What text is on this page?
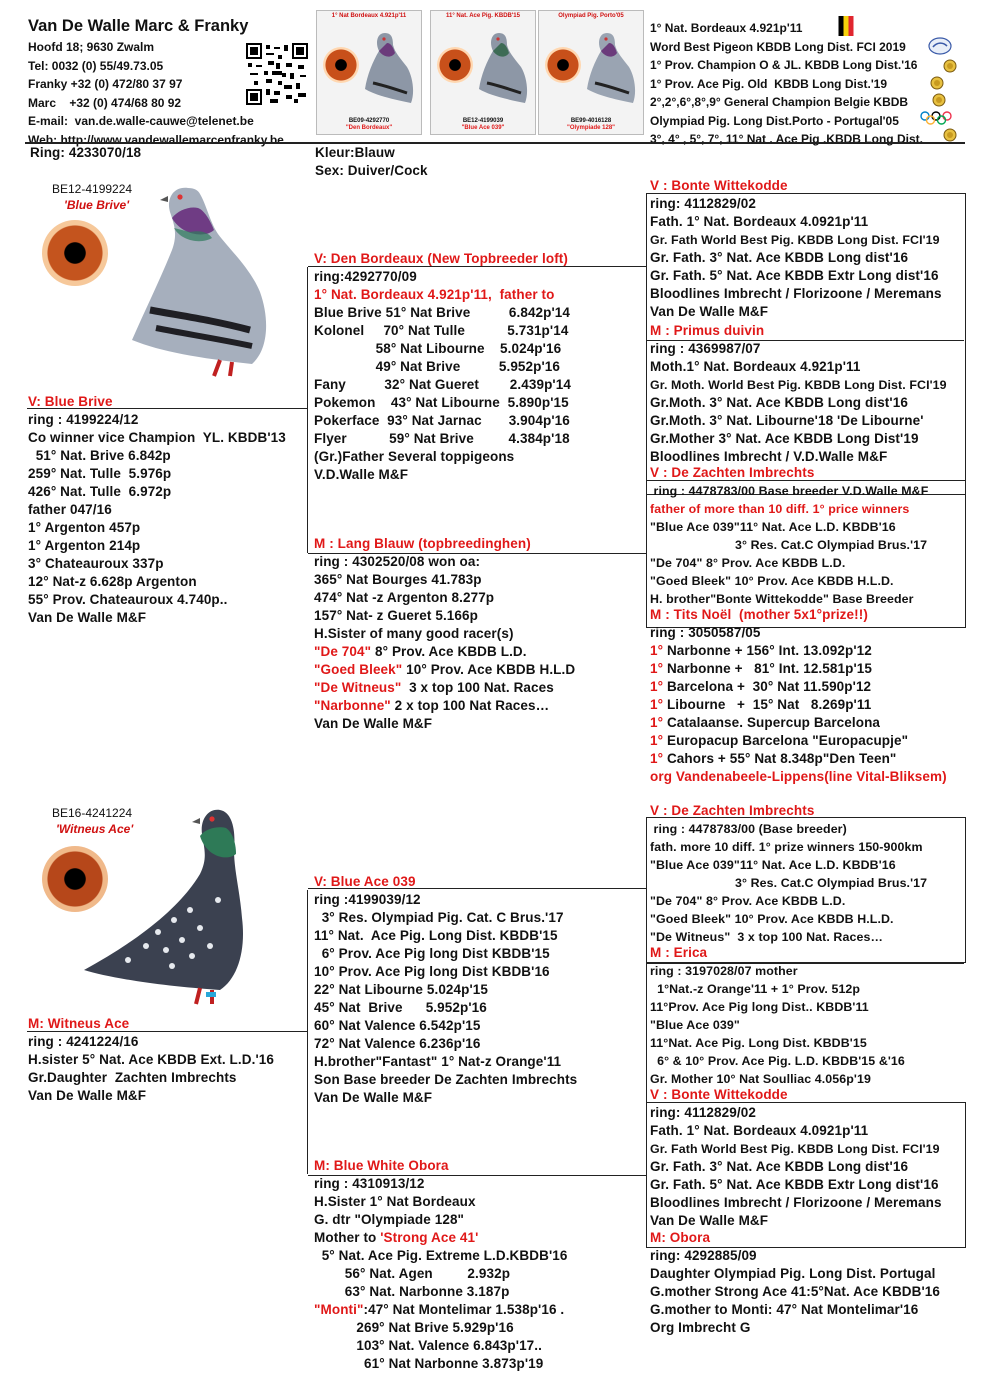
Van De Walle Marc & Franky
Hoofd 18; 9630 Zwalm
Tel: 0032 (0) 55/49.73.05
Franky +32 (0) 472/80 37 97
Marc    +32 (0) 474/68 80 92
E-mail:  van.de.walle-cauwe@telenet.be
Web: http://www.vandewallemarcenfranky.be
1° Nat Bordeaux 4.921p'11
BE09-4292770
"Den Bordeaux"
11° Nat. Ace Pig. KBDB'15
BE12-4199039
"Blue Ace 039"
Olympiad Pig. Porto'05
BE99-4016128
"Olympiade 128"
1° Nat. Bordeaux 4.921p'11
Word Best Pigeon KBDB Long Dist. FCI 2019
1° Prov. Champion O & JL. KBDB Long Dist.'16
1° Prov. Ace Pig. Old  KBDB Long Dist.'19
2°,2°,6°,8°,9° General Champion Belgie KBDB
Olympiad Pig. Long Dist.Porto - Portugal'05
3°, 4° , 5°, 7°, 11° Nat . Ace Pig .KBDB Long Dist.
Ring: 4233070/18	Kleur:Blauw
Sex: Duiver/Cock
BE12-4199224
'Blue Brive'
BE16-4241224
'Witneus Ace'
V: Blue Brive
ring : 4199224/12
Co winner vice Champion  YL. KBDB'13
51° Nat. Brive 6.842p
259° Nat. Tulle  5.976p
426° Nat. Tulle  6.972p
father 047/16
1° Argenton 457p
1° Argenton 214p
3° Chateauroux 337p
12° Nat-z 6.628p Argenton
55° Prov. Chateauroux 4.740p..
Van De Walle M&F
M: Witneus Ace
ring : 4241224/16
H.sister 5° Nat. Ace KBDB Ext. L.D.'16
Gr.Daughter  Zachten Imbrechts
Van De Walle M&F
V: Den Bordeaux (New Topbreeder loft)
ring:4292770/09
1° Nat. Bordeaux 4.921p'11,  father to
Blue Brive 51° Nat Brive          6.842p'14
Kolonel     70° Nat Tulle           5.731p'14
58° Nat Libourne    5.024p'16
49° Nat Brive          5.952p'16
Fany          32° Nat Gueret        2.439p'14
Pokemon    43° Nat Libourne  5.890p'15
Pokerface  93° Nat Jarnac       3.904p'16
Flyer           59° Nat Brive         4.384p'18
(Gr.)Father Several toppigeons
V.D.Walle M&F
M : Lang Blauw (topbreedinghen)
ring : 4302520/08 won oa:
365° Nat Bourges 41.783p
474° Nat -z Argenton 8.277p
157° Nat- z Gueret 5.166p
H.Sister of many good racer(s)
"De 704" 8° Prov. Ace KBDB L.D.
"Goed Bleek" 10° Prov. Ace KBDB H.L.D
"De Witneus"  3 x top 100 Nat. Races
"Narbonne" 2 x top 100 Nat Races…
Van De Walle M&F
V: Blue Ace 039
ring :4199039/12
3° Res. Olympiad Pig. Cat. C Brus.'17
11° Nat.  Ace Pig. Long Dist. KBDB'15
6° Prov. Ace Pig long Dist KBDB'15
10° Prov. Ace Pig long Dist KBDB'16
22° Nat Libourne 5.024p'15
45° Nat  Brive      5.952p'16
60° Nat Valence 6.542p'15
72° Nat Valence 6.236p'16
H.brother"Fantast" 1° Nat-z Orange'11
Son Base breeder De Zachten Imbrechts
Van De Walle M&F
M: Blue White Obora
ring : 4310913/12
H.Sister 1° Nat Bordeaux
G. dtr "Olympiade 128"
Mother to 'Strong Ace 41'
5° Nat. Ace Pig. Extreme L.D.KBDB'16
56° Nat. Agen         2.932p
63° Nat. Narbonne 3.187p
"Monti":47° Nat Montelimar 1.538p'16 .
269° Nat Brive 5.929p'16
103° Nat. Valence 6.843p'17..
61° Nat Narbonne 3.873p'19
V : Bonte Wittekodde
ring: 4112829/02
Fath. 1° Nat. Bordeaux 4.0921p'11
Gr. Fath World Best Pig. KBDB Long Dist. FCI'19
Gr. Fath. 3° Nat. Ace KBDB Long dist'16
Gr. Fath. 5° Nat. Ace KBDB Extr Long dist'16
Bloodlines Imbrecht / Florizoone / Meremans
Van De Walle M&F
M : Primus duivin
ring : 4369987/07
Moth.1° Nat. Bordeaux 4.921p'11
Gr. Moth. World Best Pig. KBDB Long Dist. FCI'19
Gr.Moth. 3° Nat. Ace KBDB Long dist'16
Gr.Moth. 3° Nat. Libourne'18 'De Libourne'
Gr.Mother 3° Nat. Ace KBDB Long Dist'19
Bloodlines Imbrecht / V.D.Walle M&F
V : De Zachten Imbrechts
ring : 4478783/00 Base breeder V.D.Walle M&F
father of more than 10 diff. 1° price winners
"Blue Ace 039"11° Nat. Ace L.D. KBDB'16
3° Res. Cat.C Olympiad Brus.'17
"De 704" 8° Prov. Ace KBDB L.D.
"Goed Bleek" 10° Prov. Ace KBDB H.L.D.
H. brother"Bonte Wittekodde" Base Breeder
M : Tits Noël  (mother 5x1°prize!!)
ring : 3050587/05
1° Narbonne + 156° Int. 13.092p'12
1° Narbonne +   81° Int. 12.581p'15
1° Barcelona +  30° Nat 11.590p'12
1° Libourne   +  15° Nat   8.269p'11
1° Catalaanse. Supercup Barcelona
1° Europacup Barcelona "Europacupje"
1° Cahors + 55° Nat 8.348p"Den Teen"
org Vandenabeele-Lippens(line Vital-Bliksem)
V : De Zachten Imbrechts
ring : 4478783/00 (Base breeder)
fath. more 10 diff. 1° prize winners 150-900km
"Blue Ace 039"11° Nat. Ace L.D. KBDB'16
3° Res. Cat.C Olympiad Brus.'17
"De 704" 8° Prov. Ace KBDB L.D.
"Goed Bleek" 10° Prov. Ace KBDB H.L.D.
"De Witneus"  3 x top 100 Nat. Races…
M : Erica
ring : 3197028/07 mother
1°Nat.-z Orange'11 + 1° Prov. 512p
11°Prov. Ace Pig long Dist.. KBDB'11
"Blue Ace 039"
11°Nat. Ace Pig. Long Dist. KBDB'15
6° & 10° Prov. Ace Pig. L.D. KBDB'15 &'16
Gr. Mother 10° Nat Soulliac 4.056p'19
V : Bonte Wittekodde
ring: 4112829/02
Fath. 1° Nat. Bordeaux 4.0921p'11
Gr. Fath World Best Pig. KBDB Long Dist. FCI'19
Gr. Fath. 3° Nat. Ace KBDB Long dist'16
Gr. Fath. 5° Nat. Ace KBDB Extr Long dist'16
Bloodlines Imbrecht / Florizoone / Meremans
Van De Walle M&F
M: Obora
ring: 4292885/09
Daughter Olympiad Pig. Long Dist. Portugal
G.mother Strong Ace 41:5°Nat. Ace KBDB'16
G.mother to Monti: 47° Nat Montelimar'16
Org Imbrecht G
